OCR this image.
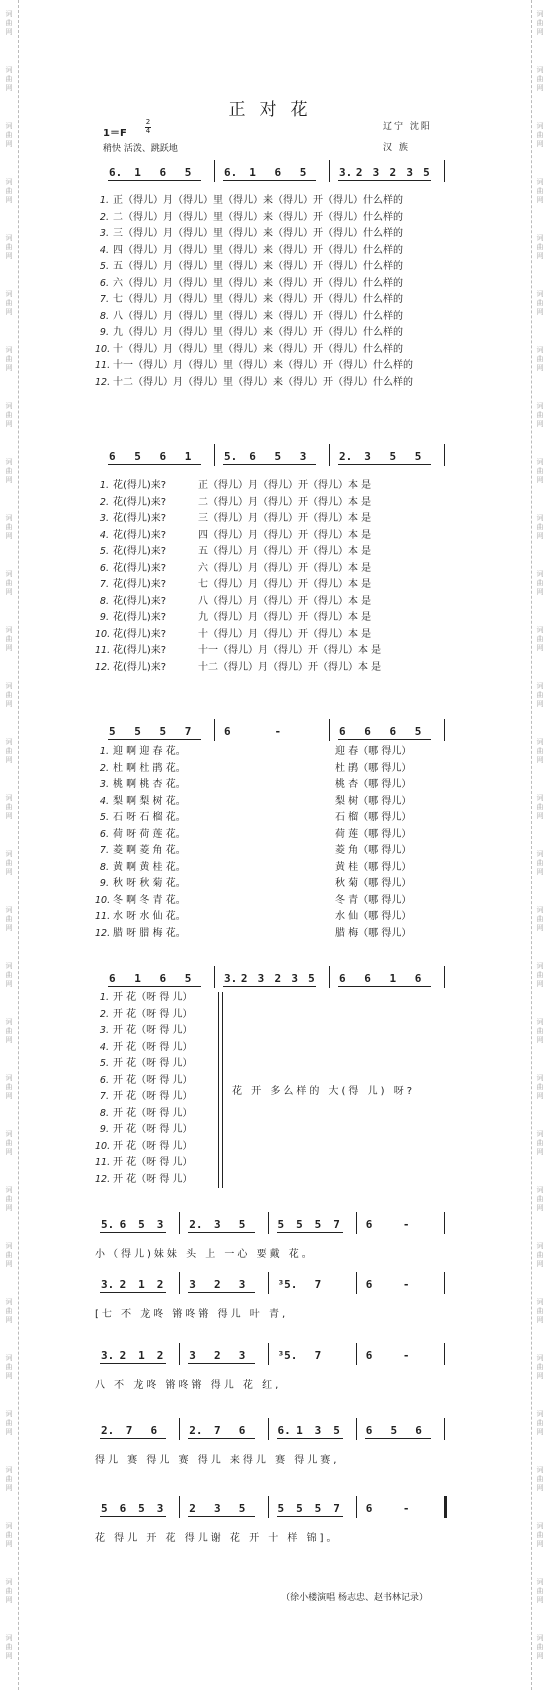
词
曲
网
词
曲
网
词
曲
网
词
曲
网
词
曲
网
词
曲
网
词
曲
网
词
曲
网
词
曲
网
词
曲
网
词
曲
网
词
曲
网
词
曲
网
词
曲
网
词
曲
网
词
曲
网
词
曲
网
词
曲
网
词
曲
网
词
曲
网
词
曲
网
词
曲
网
词
曲
网
词
曲
网
词
曲
网
词
曲
网
词
曲
网
词
曲
网
词
曲
网
词
曲
网
词
曲
网
词
曲
网
词
曲
网
词
曲
网
词
曲
网
词
曲
网
词
曲
网
词
曲
网
词
曲
网
词
曲
网
词
曲
网
词
曲
网
词
曲
网
词
曲
网
词
曲
网
词
曲
网
词
曲
网
词
曲
网
词
曲
网
词
曲
网
词
曲
网
词
曲
网
词
曲
网
词
曲
网
词
曲
网
词
曲
网
词
曲
网
词
曲
网
词
曲
网
词
曲
网
正对花
1＝F
2
4
稍快 活泼、跳跃地
辽宁 沈阳
汉 族
6. 1 6 5	6. 1 6 5	3. 2 3 2 3 5
1. 正（得儿）月（得儿）里（得儿）来（得儿）开（得儿）什么样的
2. 二（得儿）月（得儿）里（得儿）来（得儿）开（得儿）什么样的
3. 三（得儿）月（得儿）里（得儿）来（得儿）开（得儿）什么样的
4. 四（得儿）月（得儿）里（得儿）来（得儿）开（得儿）什么样的
5. 五（得儿）月（得儿）里（得儿）来（得儿）开（得儿）什么样的
6. 六（得儿）月（得儿）里（得儿）来（得儿）开（得儿）什么样的
7. 七（得儿）月（得儿）里（得儿）来（得儿）开（得儿）什么样的
8. 八（得儿）月（得儿）里（得儿）来（得儿）开（得儿）什么样的
9. 九（得儿）月（得儿）里（得儿）来（得儿）开（得儿）什么样的
10. 十（得儿）月（得儿）里（得儿）来（得儿）开（得儿）什么样的
11. 十一（得儿）月（得儿）里（得儿）来（得儿）开（得儿）什么样的
12. 十二（得儿）月（得儿）里（得儿）来（得儿）开（得儿）什么样的
6 5 6 1	5. 6 5 3	2. 3 5 5
1. 花(得儿)来?	正（得儿）月（得儿）开（得儿）本 是
2. 花(得儿)来?	二（得儿）月（得儿）开（得儿）本 是
3. 花(得儿)来?	三（得儿）月（得儿）开（得儿）本 是
4. 花(得儿)来?	四（得儿）月（得儿）开（得儿）本 是
5. 花(得儿)来?	五（得儿）月（得儿）开（得儿）本 是
6. 花(得儿)来?	六（得儿）月（得儿）开（得儿）本 是
7. 花(得儿)来?	七（得儿）月（得儿）开（得儿）本 是
8. 花(得儿)来?	八（得儿）月（得儿）开（得儿）本 是
9. 花(得儿)来?	九（得儿）月（得儿）开（得儿）本 是
10. 花(得儿)来?	十（得儿）月（得儿）开（得儿）本 是
11. 花(得儿)来?	十一（得儿）月（得儿）开（得儿）本 是
12. 花(得儿)来?	十二（得儿）月（得儿）开（得儿）本 是
5 5 5 7	6	-	6 6 6 5
1. 迎 啊 迎 春 花。	迎 春（哪 得儿）
2. 杜 啊 杜 鹃 花。	杜 鹃（哪 得儿）
3. 桃 啊 桃 杏 花。	桃 杏（哪 得儿）
4. 梨 啊 梨 树 花。	梨 树（哪 得儿）
5. 石 呀 石 榴 花。	石 榴（哪 得儿）
6. 荷 呀 荷 莲 花。	荷 莲（哪 得儿）
7. 菱 啊 菱 角 花。	菱 角（哪 得儿）
8. 黄 啊 黄 桂 花。	黄 桂（哪 得儿）
9. 秋 呀 秋 菊 花。	秋 菊（哪 得儿）
10. 冬 啊 冬 青 花。	冬 青（哪 得儿）
11. 水 呀 水 仙 花。	水 仙（哪 得儿）
12. 腊 呀 腊 梅 花。	腊 梅（哪 得儿）
6 1 6 5	3. 2 3 2 3 5 6 6 1 6
1. 开 花（呀 得 儿）
2. 开 花（呀 得 儿）
3. 开 花（呀 得 儿）
4. 开 花（呀 得 儿）
5. 开 花（呀 得 儿）
6. 开 花（呀 得 儿）
7. 开 花（呀 得 儿）
8. 开 花（呀 得 儿）
9. 开 花（呀 得 儿）
10. 开 花（呀 得 儿）
11. 开 花（呀 得 儿）
12. 开 花（呀 得 儿）
花 开 多么样的 大(得 儿) 呀?
5. 6 5 3 2. 3 5	5 5 5 7 6	-
小（得儿)妹妹 头 上 一心 要戴 花。
3. 2 1 2 3 2 3	³5. 7	6	-
[七 不 龙咚 锵咚锵 得儿 叶 青,
3. 2 1 2 3 2 3	³5. 7	6	-
八 不 龙咚 锵咚锵 得儿 花 红,
2. 7 6	2. 7 6	6. 1 3 5 6 5 6
得儿 赛 得儿 赛 得儿 来得儿 赛 得儿赛,
5 6 5 3 2 3 5	5 5 5 7 6	-
花 得儿 开 花 得儿谢 花 开 十 样 锦]。
（徐小楼演唱 杨志忠、赵书林记录）
